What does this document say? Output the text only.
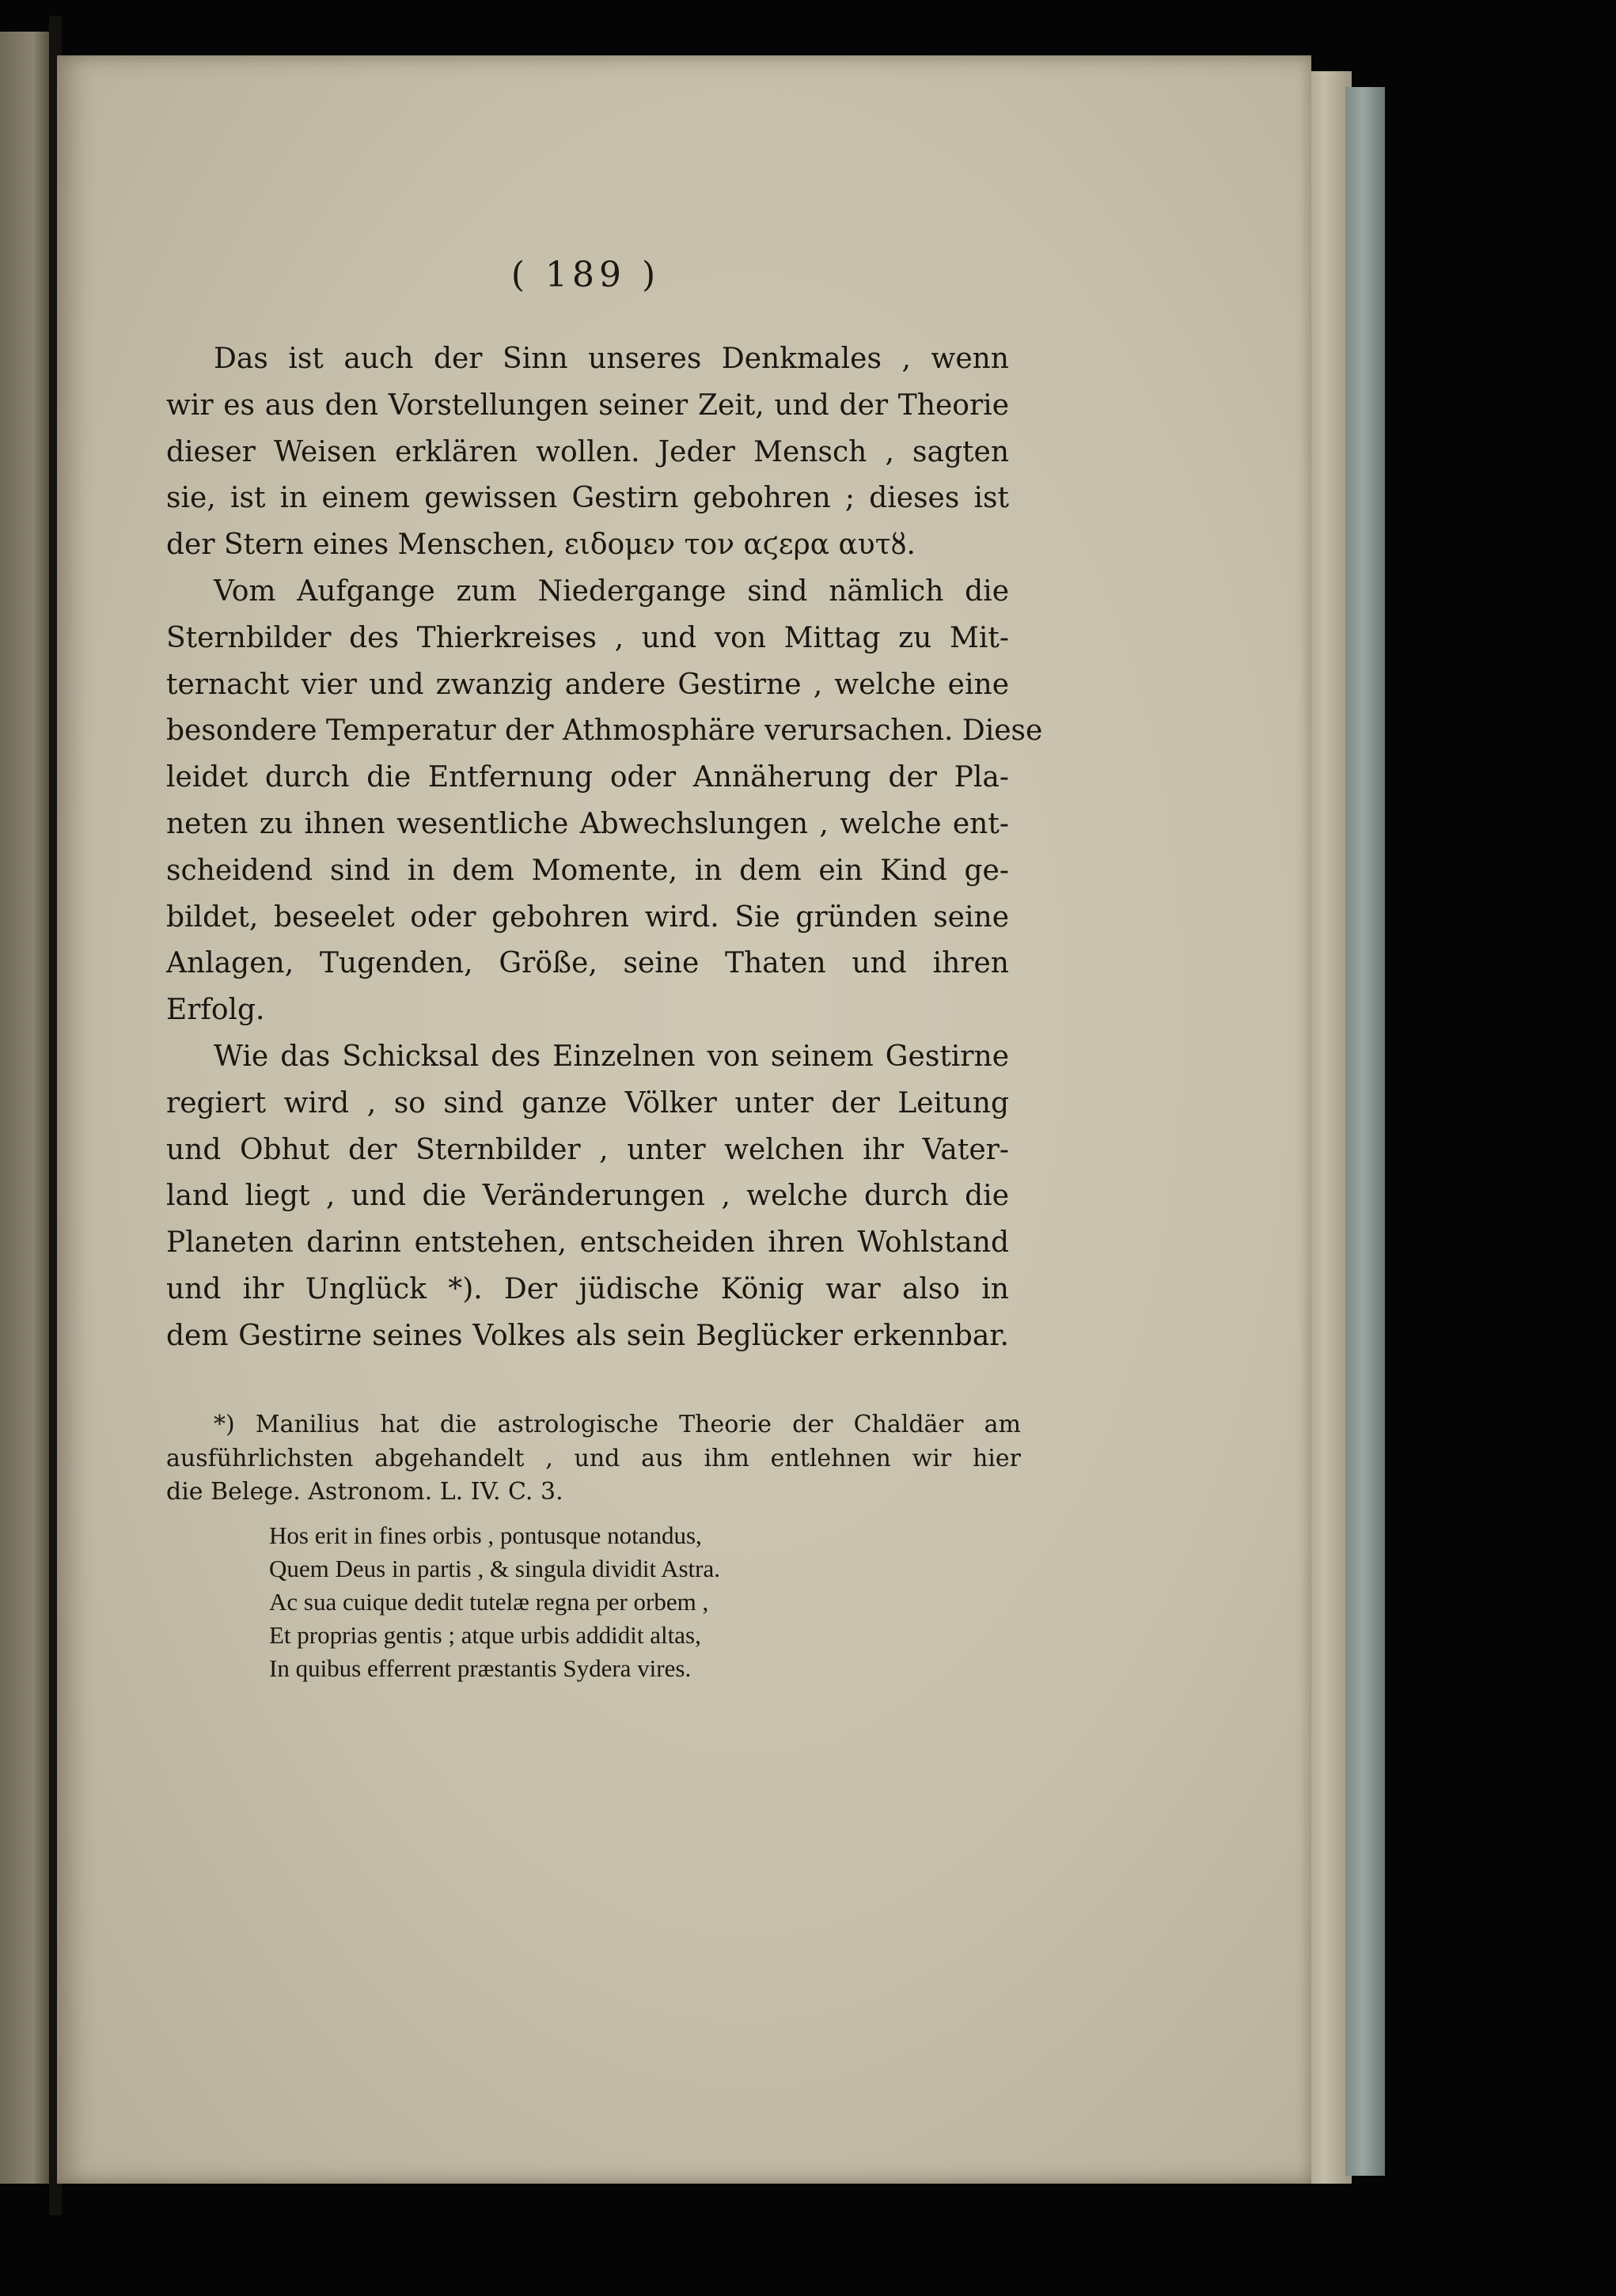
( 189 )
Das ist auch der Sinn unseres Denkmales , wenn
wir es aus den Vorstellungen seiner Zeit, und der Theorie
dieser Weisen erklären wollen. Jeder Mensch , sagten
sie, ist in einem gewissen Gestirn gebohren ; dieses ist
der Stern eines Menschen, ειδομεν τον αϛερα αυτȣ.
Vom Aufgange zum Niedergange sind nämlich die
Sternbilder des Thierkreises , und von Mittag zu Mit-
ternacht vier und zwanzig andere Gestirne , welche eine
besondere Temperatur der Athmosphäre verursachen. Diese
leidet durch die Entfernung oder Annäherung der Pla-
neten zu ihnen wesentliche Abwechslungen , welche ent-
scheidend sind in dem Momente, in dem ein Kind ge-
bildet, beseelet oder gebohren wird. Sie gründen seine
Anlagen, Tugenden, Größe, seine Thaten und ihren
Erfolg.
Wie das Schicksal des Einzelnen von seinem Gestirne
regiert wird , so sind ganze Völker unter der Leitung
und Obhut der Sternbilder , unter welchen ihr Vater-
land liegt , und die Veränderungen , welche durch die
Planeten darinn entstehen, entscheiden ihren Wohlstand
und ihr Unglück *). Der jüdische König war also in
dem Gestirne seines Volkes als sein Beglücker erkennbar.
*) Manilius hat die astrologische Theorie der Chaldäer am
ausführlichsten abgehandelt , und aus ihm entlehnen wir hier
die Belege. Astronom. L. IV. C. 3.
Hos erit in fines orbis , pontusque notandus,
Quem Deus in partis , & singula dividit Astra.
Ac sua cuique dedit tutelæ regna per orbem ,
Et proprias gentis ; atque urbis addidit altas,
In quibus efferrent præstantis Sydera vires.
